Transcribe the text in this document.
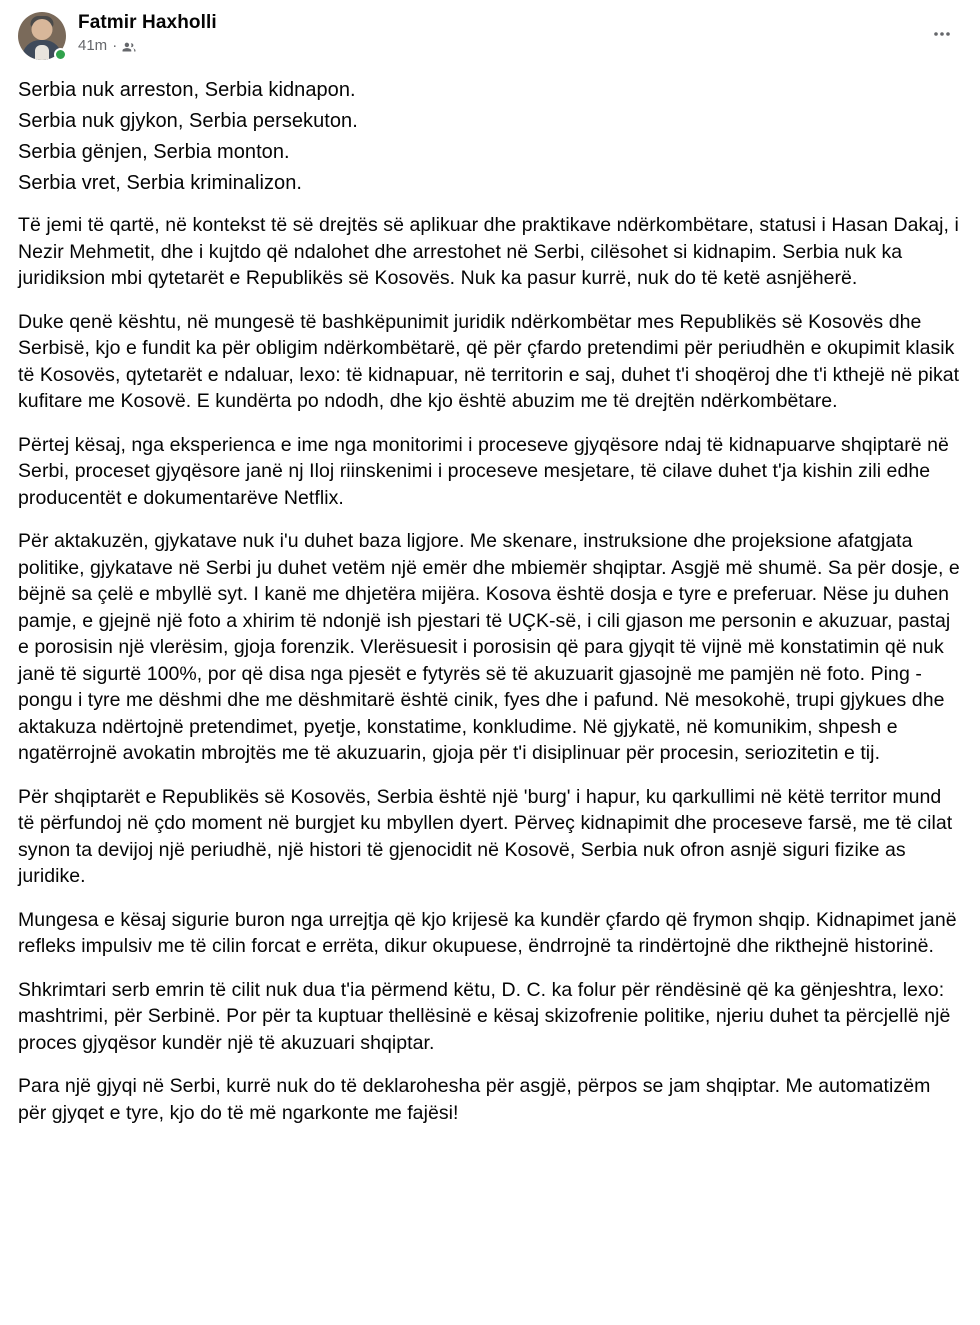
Fatmir Haxholli
41m ·

Serbia nuk arreston, Serbia kidnapon.

Serbia nuk gjykon, Serbia persekuton.

Serbia gënjen, Serbia monton.

Serbia vret, Serbia kriminalizon.

Të jemi të qartë, në kontekst të së drejtës së aplikuar dhe praktikave ndërkombëtare, statusi i Hasan Dakaj, i Nezir Mehmetit, dhe i kujtdo që ndalohet dhe arrestohet në Serbi, cilësohet si kidnapim. Serbia nuk ka juridiksion mbi qytetarët e Republikës së Kosovës. Nuk ka pasur kurrë, nuk do të ketë asnjëherë.

Duke qenë kështu, në mungesë të bashkëpunimit juridik ndërkombëtar mes Republikës së Kosovës dhe Serbisë, kjo e fundit ka për obligim ndërkombëtarë, që për çfardo pretendimi për periudhën e okupimit klasik të Kosovës, qytetarët e ndaluar, lexo: të kidnapuar, në territorin e saj, duhet t'i shoqëroj dhe t'i kthejë në pikat kufitare me Kosovë. E kundërta po ndodh, dhe kjo është abuzim me të drejtën ndërkombëtare.

Përtej kësaj, nga eksperienca e ime nga monitorimi i proceseve gjyqësore ndaj të kidnapuarve shqiptarë në Serbi, proceset gjyqësore janë nj Iloj riinskenimi i proceseve mesjetare, të cilave duhet t'ja kishin zili edhe producentët e dokumentarëve Netflix.

Për aktakuzën, gjykatave nuk i'u duhet baza ligjore. Me skenare, instruksione dhe projeksione afatgjata politike, gjykatave në Serbi ju duhet vetëm një emër dhe mbiemër shqiptar. Asgjë më shumë. Sa për dosje, e bëjnë sa çelë e mbyllë syt. I kanë me dhjetëra mijëra. Kosova është dosja e tyre e preferuar. Nëse ju duhen pamje, e gjejnë një foto a xhirim të ndonjë ish pjestari të UÇK-së, i cili gjason me personin e akuzuar, pastaj e porosisin një vlerësim, gjoja forenzik. Vlerësuesit i porosisin që para gjyqit të vijnë më konstatimin që nuk janë të sigurtë 100%, por që disa nga pjesët e fytyrës së të akuzuarit gjasojnë me pamjën në foto. Ping - pongu i tyre me dëshmi dhe me dëshmitarë është cinik, fyes dhe i pafund. Në mesokohë, trupi gjykues dhe aktakuza ndërtojnë pretendimet, pyetje, konstatime, konkludime. Në gjykatë, në komunikim, shpesh e ngatërrojnë avokatin mbrojtës me të akuzuarin, gjoja për t'i disiplinuar për procesin, seriozitetin e tij.

Për shqiptarët e Republikës së Kosovës, Serbia është një 'burg' i hapur, ku qarkullimi në këtë territor mund të përfundoj në çdo moment në burgjet ku mbyllen dyert. Përveç kidnapimit dhe proceseve farsë, me të cilat synon ta devijoj një periudhë, një histori të gjenocidit në Kosovë, Serbia nuk ofron asnjë siguri fizike as juridike.

Mungesa e kësaj sigurie buron nga urrejtja që kjo krijesë ka kundër çfardo që frymon shqip. Kidnapimet janë refleks impulsiv me të cilin forcat e errëta, dikur okupuese, ëndrrojnë ta rindërtojnë dhe rikthejnë historinë.

Shkrimtari serb emrin të cilit nuk dua t'ia përmend këtu, D. C. ka folur për rëndësinë që ka gënjeshtra, lexo: mashtrimi, për Serbinë. Por për ta kuptuar thellësinë e kësaj skizofrenie politike, njeriu duhet ta përcjellë një proces gjyqësor kundër një të akuzuari shqiptar.

Para një gjyqi në Serbi, kurrë nuk do të deklarohesha për asgjë, përpos se jam shqiptar. Me automatizëm për gjyqet e tyre, kjo do të më ngarkonte me fajësi!
